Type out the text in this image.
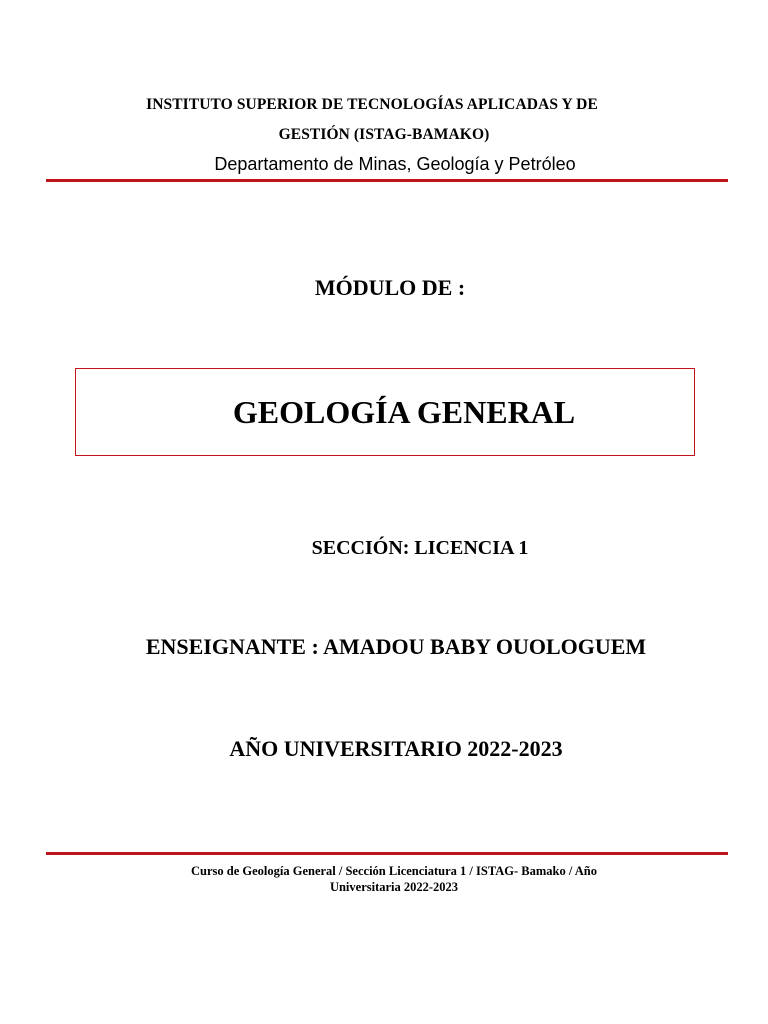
INSTITUTO SUPERIOR DE TECNOLOGÍAS APLICADAS Y DE
GESTIÓN (ISTAG-BAMAKO)
Departamento de Minas, Geología y Petróleo
MÓDULO DE :
GEOLOGÍA GENERAL
SECCIÓN: LICENCIA 1
ENSEIGNANTE : AMADOU BABY OUOLOGUEM
AÑO UNIVERSITARIO 2022-2023
Curso de Geología General / Sección Licenciatura 1 / ISTAG- Bamako / Año
Universitaria 2022-2023
